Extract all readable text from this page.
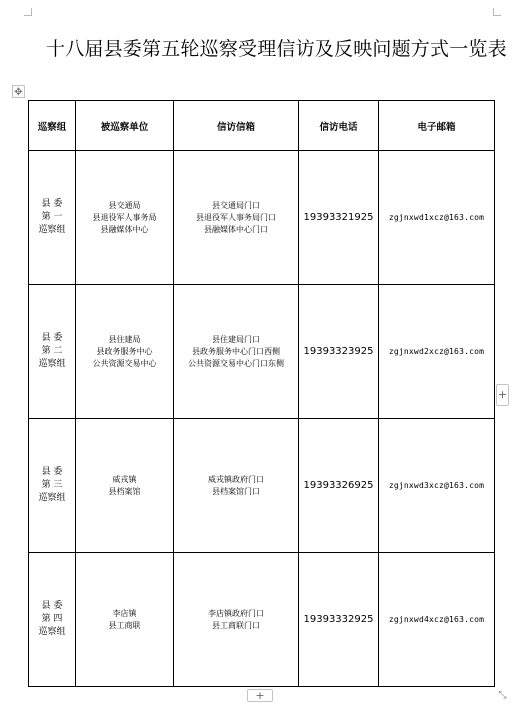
十八届县委第五轮巡察受理信访及反映问题方式一览表
✥
巡察组	被巡察单位	信访信箱	信访电话	电子邮箱

县 委
第 一
巡察组	县交通局
县退役军人事务局
县融媒体中心	县交通局门口
县退役军人事务局门口
县融媒体中心门口	19393321925	zgjnxwd1xcz@163.com

县 委
第 二
巡察组	县住建局
县政务服务中心
公共资源交易中心	县住建局门口
县政务服务中心门口西侧
公共资源交易中心门口东侧	19393323925	zgjnxwd2xcz@163.com

县 委
第 三
巡察组	威戎镇
县档案馆	威戎镇政府门口
县档案馆门口	19393326925	zgjnxwd3xcz@163.com

县 委
第 四
巡察组	李店镇
县工商联	李店镇政府门口
县工商联门口	19393332925	zgjnxwd4xcz@163.com
+
+	⤡
